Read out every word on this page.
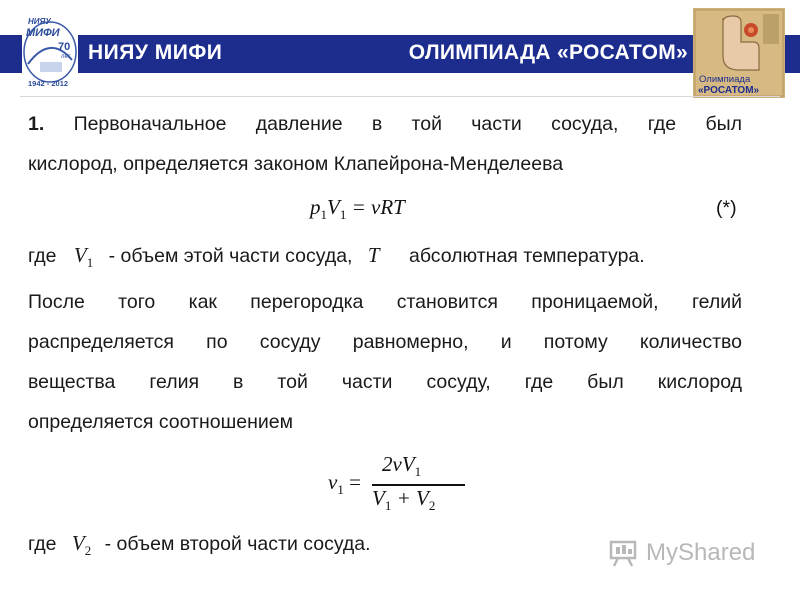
НИЯУ МИФИ	ОЛИМПИАДА «РОСАТОМ»
НИЯУ
МИФИ
70
лет
1942 - 2012	Олимпиада
«РОСАТОМ»
1. Первоначальное давление в той части сосуда, где был
кислород, определяется законом Клапейрона-Менделеева
$p_1V_1 = \nu RT$	(*)
где $V_1$ - объем этой части сосуда, T абсолютная температура.
После того как перегородка становится проницаемой, гелий
распределяется по сосуду равномерно, и потому количество
вещества гелия в той части сосуду, где был кислород
определяется соотношением
$\nu_1$ =
$2\nu V_1$
$V_1 + V_2$
где $V_2$ - объем второй части сосуда.	MyShared
